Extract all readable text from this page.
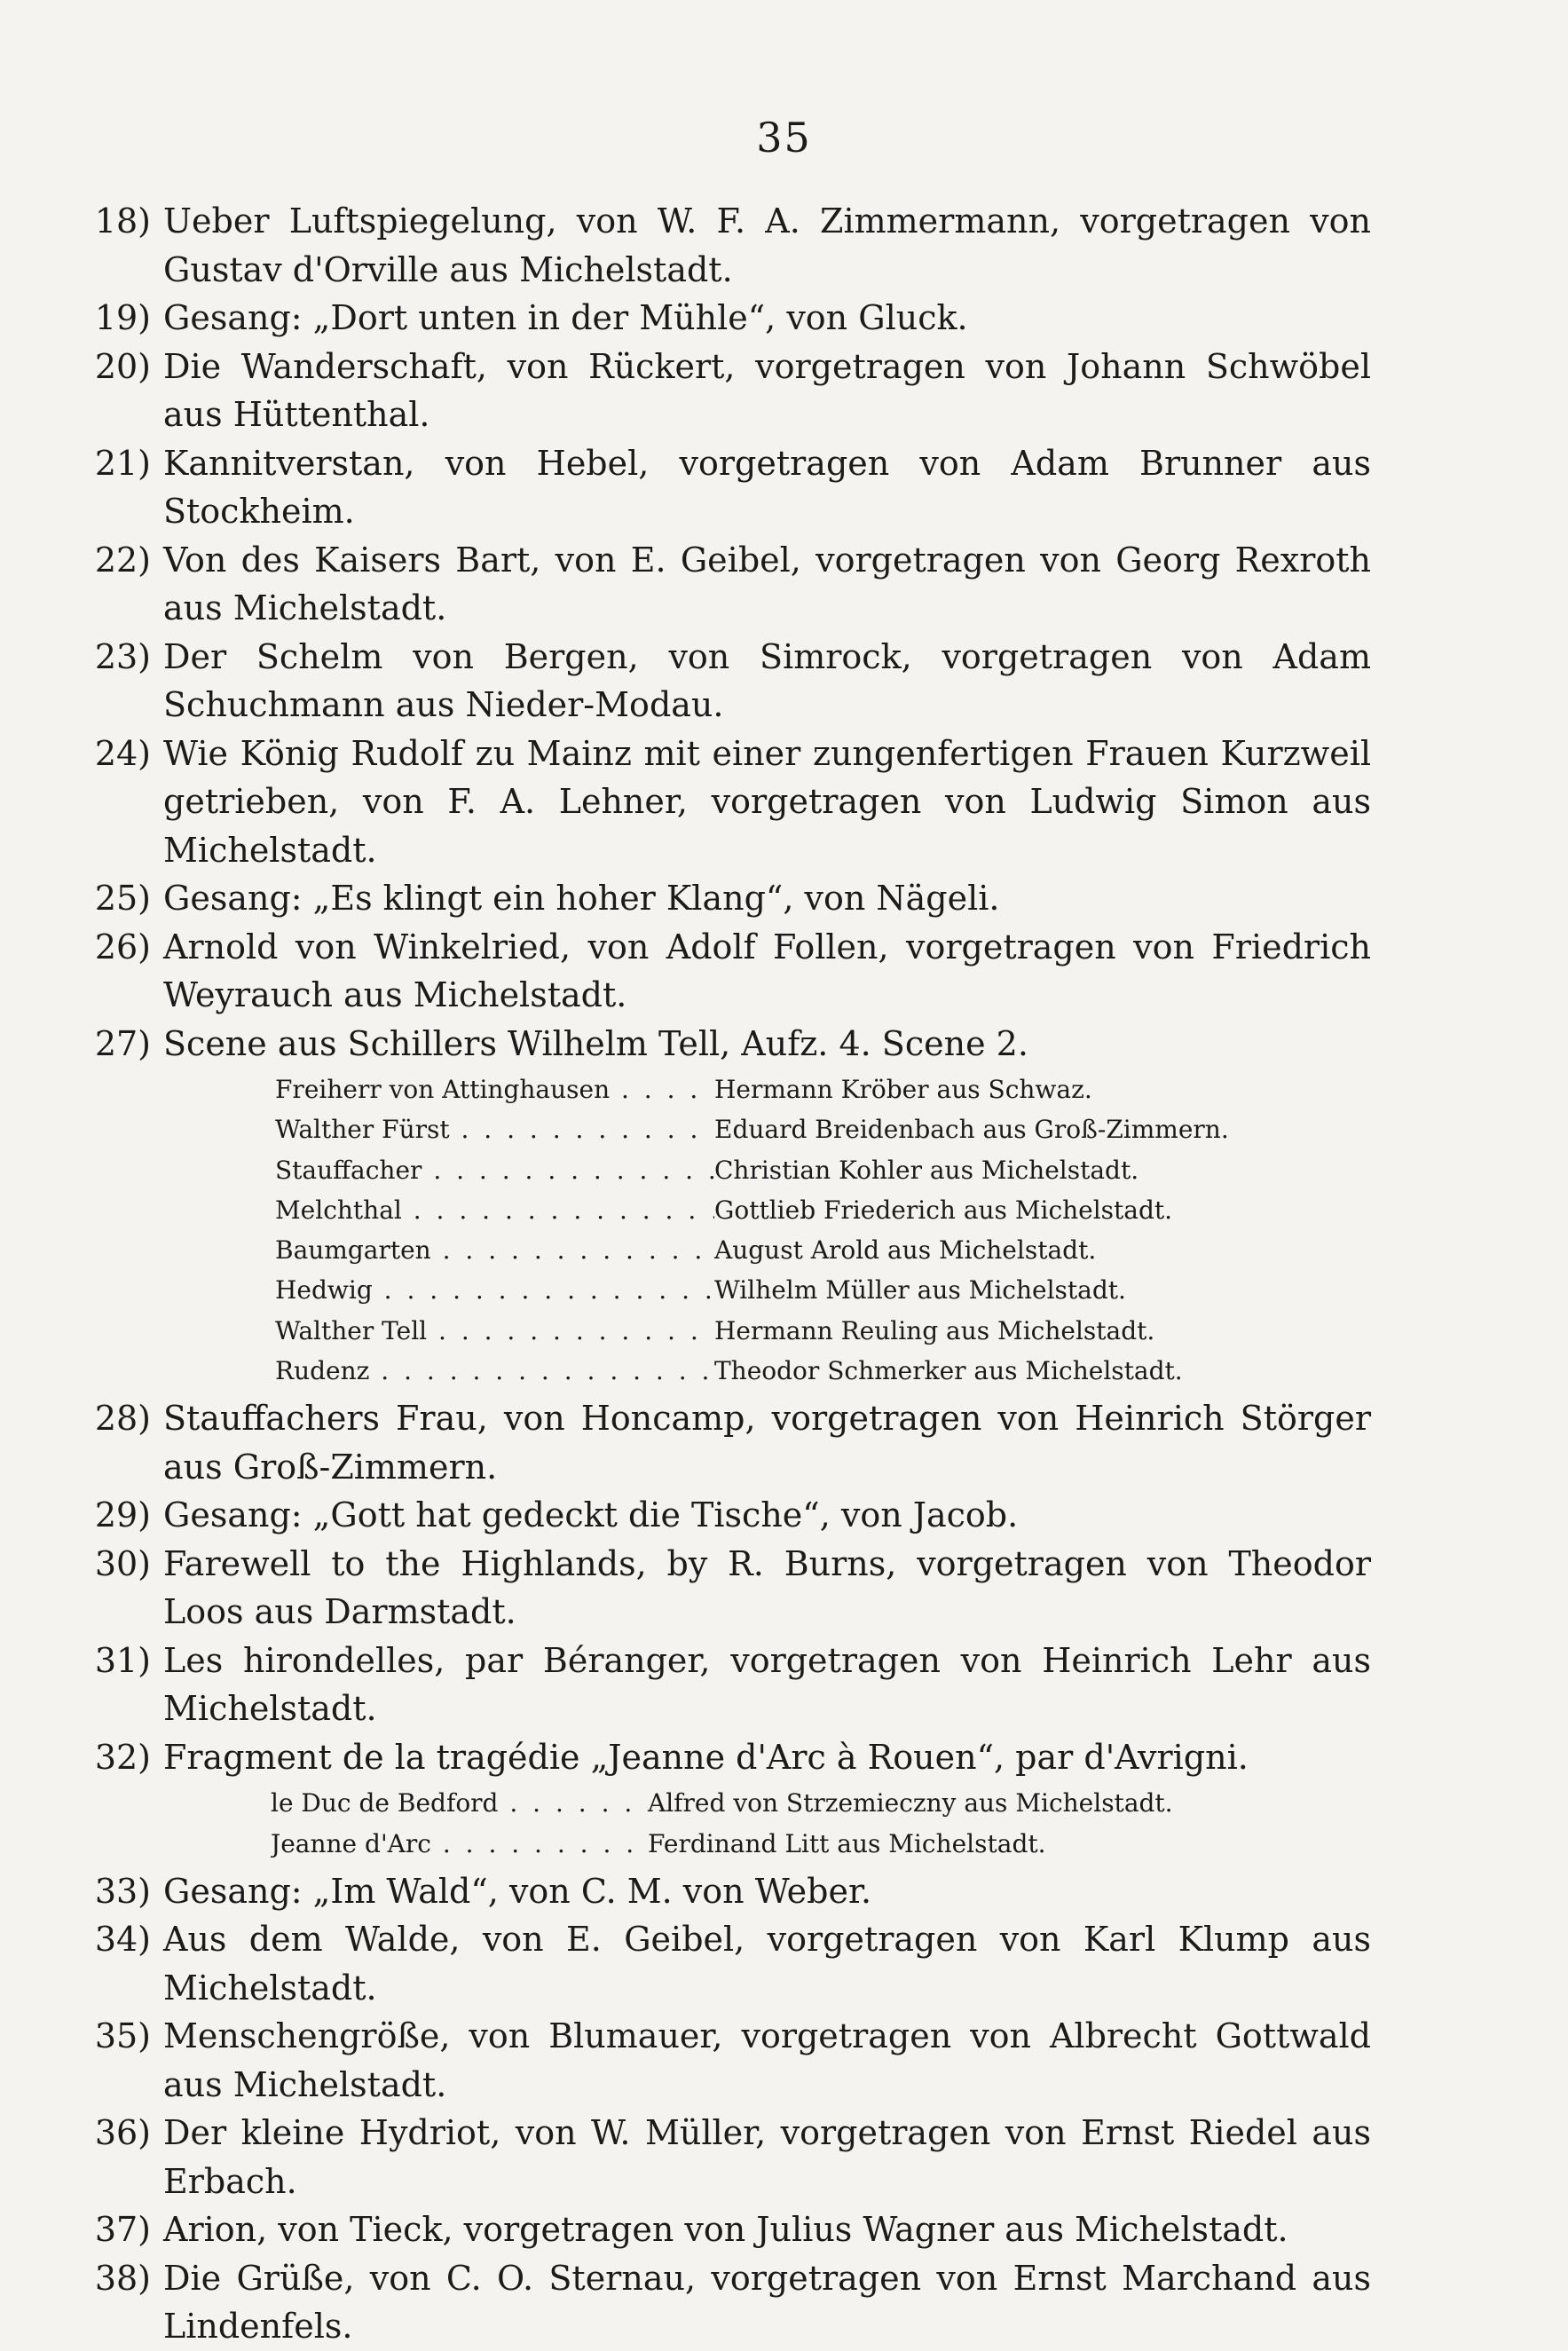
35
18) Ueber Luftspiegelung, von W. F. A. Zimmermann, vorgetragen von Gustav d'Orville aus Michelstadt.
19) Gesang: „Dort unten in der Mühle“, von Gluck.
20) Die Wanderschaft, von Rückert, vorgetragen von Johann Schwöbel aus Hüttenthal.
21) Kannitverstan, von Hebel, vorgetragen von Adam Brunner aus Stockheim.
22) Von des Kaisers Bart, von E. Geibel, vorgetragen von Georg Rexroth aus Michelstadt.
23) Der Schelm von Bergen, von Simrock, vorgetragen von Adam Schuchmann aus Nieder-Modau.
24) Wie König Rudolf zu Mainz mit einer zungenfertigen Frauen Kurzweil getrieben, von F. A. Lehner, vorgetragen von Ludwig Simon aus Michelstadt.
25) Gesang: „Es klingt ein hoher Klang“, von Nägeli.
26) Arnold von Winkelried, von Adolf Follen, vorgetragen von Friedrich Weyrauch aus Michelstadt.
27) Scene aus Schillers Wilhelm Tell, Aufz. 4. Scene 2.
Freiherr von Attinghausen . . .	Hermann Kröber aus Schwaz.
Walther Fürst . . .	Eduard Breidenbach aus Groß-Zimmern.
Stauffacher . . .	Christian Kohler aus Michelstadt.
Melchthal . . .	Gottlieb Friederich aus Michelstadt.
Baumgarten . . .	August Arold aus Michelstadt.
Hedwig . . .	Wilhelm Müller aus Michelstadt.
Walther Tell . . .	Hermann Reuling aus Michelstadt.
Rudenz . . .	Theodor Schmerker aus Michelstadt.
28) Stauffachers Frau, von Honcamp, vorgetragen von Heinrich Störger aus Groß-Zimmern.
29) Gesang: „Gott hat gedeckt die Tische“, von Jacob.
30) Farewell to the Highlands, by R. Burns, vorgetragen von Theodor Loos aus Darmstadt.
31) Les hirondelles, par Béranger, vorgetragen von Heinrich Lehr aus Michelstadt.
32) Fragment de la tragédie „Jeanne d'Arc à Rouen“, par d'Avrigni.
le Duc de Bedford . . .	Alfred von Strzemieczny aus Michelstadt.
Jeanne d'Arc . . .	Ferdinand Litt aus Michelstadt.
33) Gesang: „Im Wald“, von C. M. von Weber.
34) Aus dem Walde, von E. Geibel, vorgetragen von Karl Klump aus Michelstadt.
35) Menschengröße, von Blumauer, vorgetragen von Albrecht Gottwald aus Michelstadt.
36) Der kleine Hydriot, von W. Müller, vorgetragen von Ernst Riedel aus Erbach.
37) Arion, von Tieck, vorgetragen von Julius Wagner aus Michelstadt.
38) Die Grüße, von C. O. Sternau, vorgetragen von Ernst Marchand aus Lindenfels.
